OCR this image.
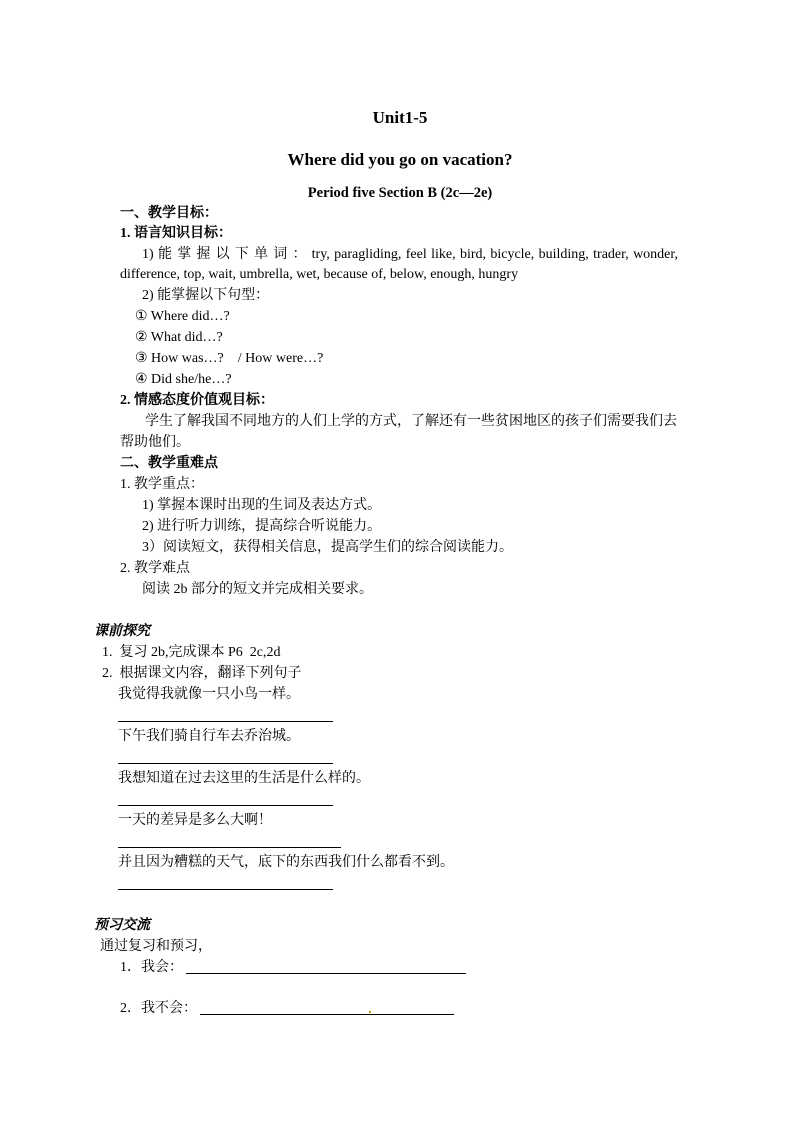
Unit1-5
Where did you go on vacation?
Period five Section B (2c—2e)
一、教学目标：
1. 语言知识目标：
1) 能 掌 握 以 下 单 词 ： try, paragliding, feel like, bird, bicycle, building, trader, wonder,
difference, top, wait, umbrella, wet, because of, below, enough, hungry
2) 能掌握以下句型：
① Where did…?
② What did…?
③ How was…?    / How were…?
④ Did she/he…?
2. 情感态度价值观目标：
学生了解我国不同地方的人们上学的方式，了解还有一些贫困地区的孩子们需要我们去
帮助他们。
二、教学重难点
1. 教学重点：
1) 掌握本课时出现的生词及表达方式。
2) 进行听力训练，提高综合听说能力。
3）阅读短文，获得相关信息，提高学生们的综合阅读能力。
2. 教学难点
阅读 2b 部分的短文并完成相关要求。
课前探究
1.  复习 2b,完成课本 P6  2c,2d
2.  根据课文内容，翻译下列句子
我觉得我就像一只小鸟一样。
下午我们骑自行车去乔治城。
我想知道在过去这里的生活是什么样的。
一天的差异是多么大啊！
并且因为糟糕的天气，底下的东西我们什么都看不到。
预习交流
通过复习和预习，
1．我会：
2．我不会：
